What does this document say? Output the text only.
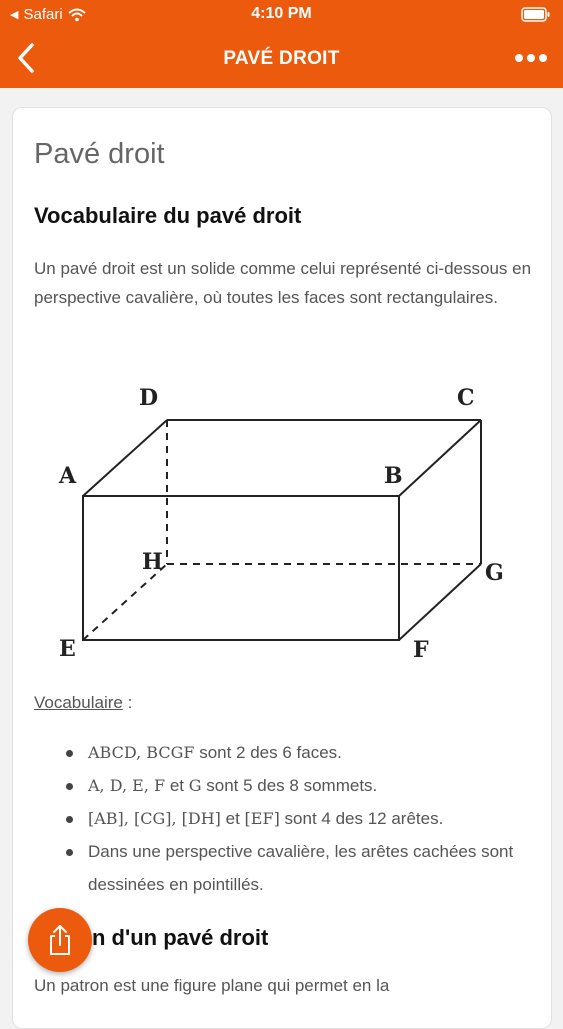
◀ Safari	4:10 PM
PAVÉ DROIT
Pavé droit
Vocabulaire du pavé droit

Un pavé droit est un solide comme celui représenté ci-dessous en perspective cavalière, où toutes les faces sont rectangulaires.

D	C
A	B
H	G
E	F
Vocabulaire :
ABCD, BCGF sont 2 des 6 faces.
A, D, E, F et G sont 5 des 8 sommets.
[AB], [CG], [DH] et [EF] sont 4 des 12 arêtes.
Dans une perspective cavalière, les arêtes cachées sont dessinées en pointillés.
n d'un pavé droit
Un patron est une figure plane qui permet en la
